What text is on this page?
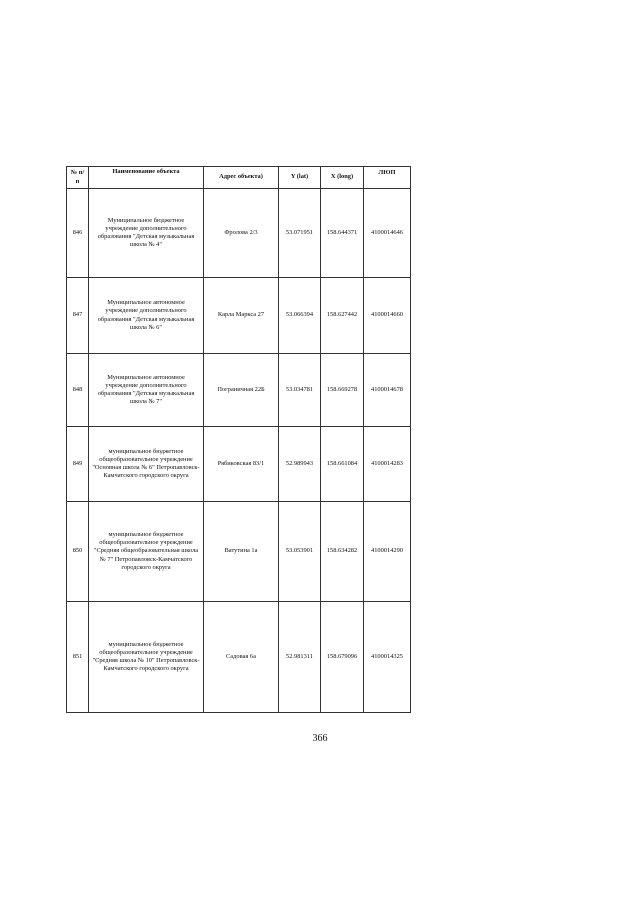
№ п/п	Наименование объекта	Адрес объекта)	Y (lat)	X (long)	ЛЮП
846	Муниципальное бюджетное учреждение дополнительного образования "Детская музыкальная школа № 4"	Фролова 2/3	53.071951	158.644371	4100014646
847	Муниципальное автономное учреждение дополнительного образования "Детская музыкальная школа № 6"	Карла Маркса 27	53.066394	158.627442	4100014660
848	Муниципальное автономное учреждение дополнительного образования "Детская музыкальная школа № 7"	Пограничная 22Б	53.034781	158.669278	4100014678
849	муниципальное бюджетное общеобразовательное учреждение "Основная школа № 6" Петропавловск-Камчатского городского округа	Рябиковская 83/1	52.989943	158.661084	4100014283
850	муниципальное бюджетное общеобразовательное учреждение "Средняя общеобразовательная школа № 7" Петропавловск-Камчатского городского округа	Ватутина 1а	53.053901	158.634282	4100014290
851	муниципальное бюджетное общеобразовательное учреждение "Средняя школа № 10" Петропавловск-Камчатского городского округа	Садовая 6а	52.981311	158.679096	4100014325
366
